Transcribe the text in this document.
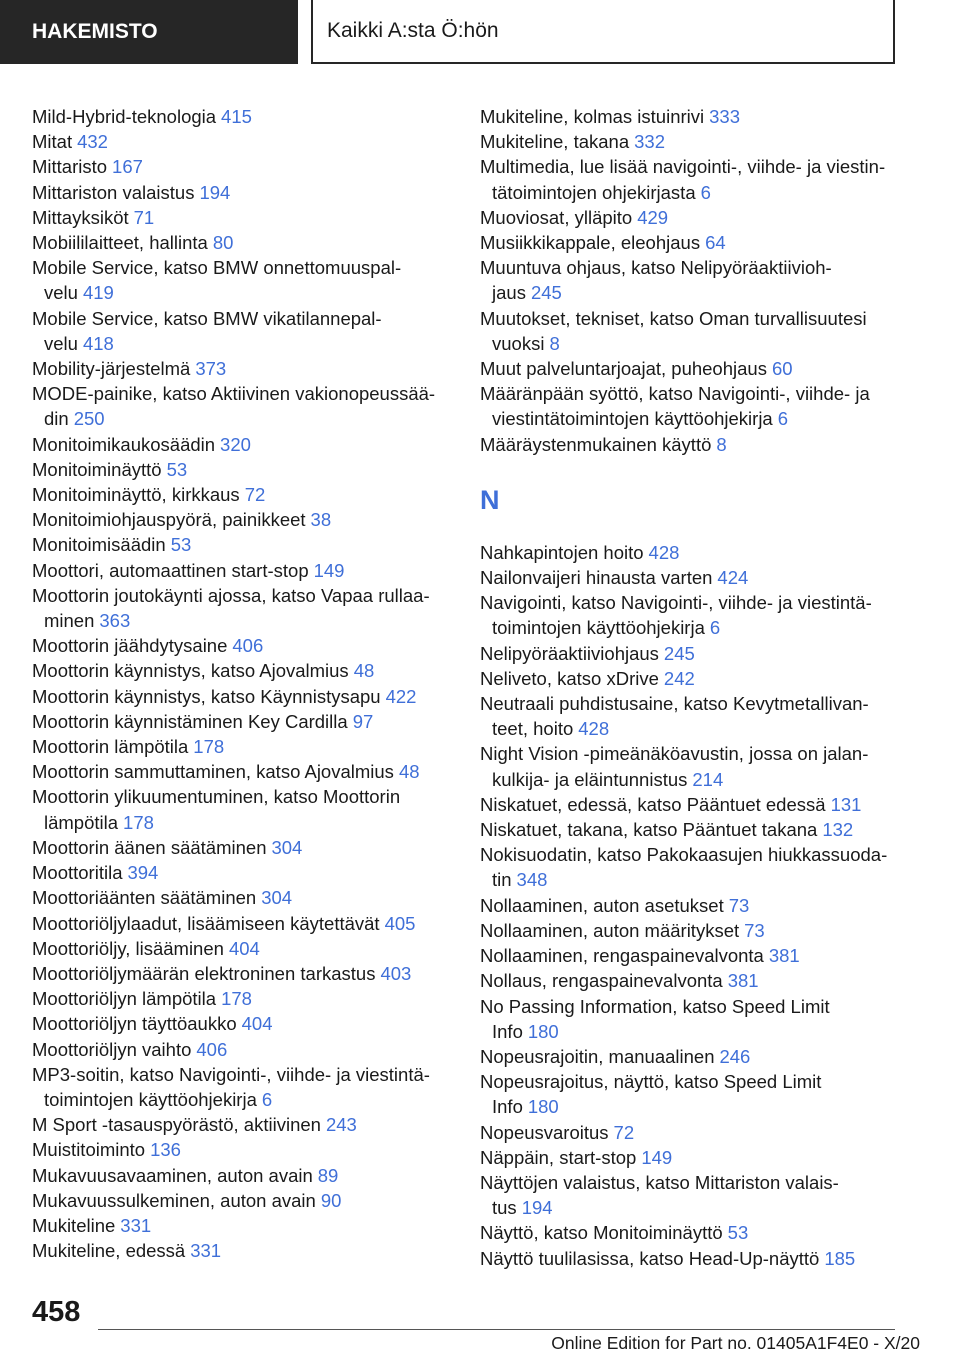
HAKEMISTO	Kaikki A:sta Ö:hön
Mild-Hybrid-teknologia 415
Mitat 432
Mittaristo 167
Mittariston valaistus 194
Mittayksiköt 71
Mobiililaitteet, hallinta 80
Mobile Service, katso BMW onnettomuuspal-
velu 419
Mobile Service, katso BMW vikatilannepal-
velu 418
Mobility-järjestelmä 373
MODE-painike, katso Aktiivinen vakionopeussää-
din 250
Monitoimikaukosäädin 320
Monitoiminäyttö 53
Monitoiminäyttö, kirkkaus 72
Monitoimiohjauspyörä, painikkeet 38
Monitoimisäädin 53
Moottori, automaattinen start-stop 149
Moottorin joutokäynti ajossa, katso Vapaa rullaa-
minen 363
Moottorin jäähdytysaine 406
Moottorin käynnistys, katso Ajovalmius 48
Moottorin käynnistys, katso Käynnistysapu 422
Moottorin käynnistäminen Key Cardilla 97
Moottorin lämpötila 178
Moottorin sammuttaminen, katso Ajovalmius 48
Moottorin ylikuumentuminen, katso Moottorin
lämpötila 178
Moottorin äänen säätäminen 304
Moottoritila 394
Moottoriäänten säätäminen 304
Moottoriöljylaadut, lisäämiseen käytettävät 405
Moottoriöljy, lisääminen 404
Moottoriöljymäärän elektroninen tarkastus 403
Moottoriöljyn lämpötila 178
Moottoriöljyn täyttöaukko 404
Moottoriöljyn vaihto 406
MP3-soitin, katso Navigointi-, viihde- ja viestintä-
toimintojen käyttöohjekirja 6
M Sport -tasauspyörästö, aktiivinen 243
Muistitoiminto 136
Mukavuusavaaminen, auton avain 89
Mukavuussulkeminen, auton avain 90
Mukiteline 331
Mukiteline, edessä 331
Mukiteline, kolmas istuinrivi 333
Mukiteline, takana 332
Multimedia, lue lisää navigointi-, viihde- ja viestin-
tätoimintojen ohjekirjasta 6
Muoviosat, ylläpito 429
Musiikkikappale, eleohjaus 64
Muuntuva ohjaus, katso Nelipyöräaktiivioh-
jaus 245
Muutokset, tekniset, katso Oman turvallisuutesi
vuoksi 8
Muut palveluntarjoajat, puheohjaus 60
Määränpään syöttö, katso Navigointi-, viihde- ja
viestintätoimintojen käyttöohjekirja 6
Määräystenmukainen käyttö 8
N
Nahkapintojen hoito 428
Nailonvaijeri hinausta varten 424
Navigointi, katso Navigointi-, viihde- ja viestintä-
toimintojen käyttöohjekirja 6
Nelipyöräaktiiviohjaus 245
Neliveto, katso xDrive 242
Neutraali puhdistusaine, katso Kevytmetallivan-
teet, hoito 428
Night Vision -pimeänäköavustin, jossa on jalan-
kulkija- ja eläintunnistus 214
Niskatuet, edessä, katso Pääntuet edessä 131
Niskatuet, takana, katso Pääntuet takana 132
Nokisuodatin, katso Pakokaasujen hiukkassuoda-
tin 348
Nollaaminen, auton asetukset 73
Nollaaminen, auton määritykset 73
Nollaaminen, rengaspainevalvonta 381
Nollaus, rengaspainevalvonta 381
No Passing Information, katso Speed Limit
Info 180
Nopeusrajoitin, manuaalinen 246
Nopeusrajoitus, näyttö, katso Speed Limit
Info 180
Nopeusvaroitus 72
Näppäin, start-stop 149
Näyttöjen valaistus, katso Mittariston valais-
tus 194
Näyttö, katso Monitoiminäyttö 53
Näyttö tuulilasissa, katso Head-Up-näyttö 185
458
Online Edition for Part no. 01405A1F4E0 - X/20
